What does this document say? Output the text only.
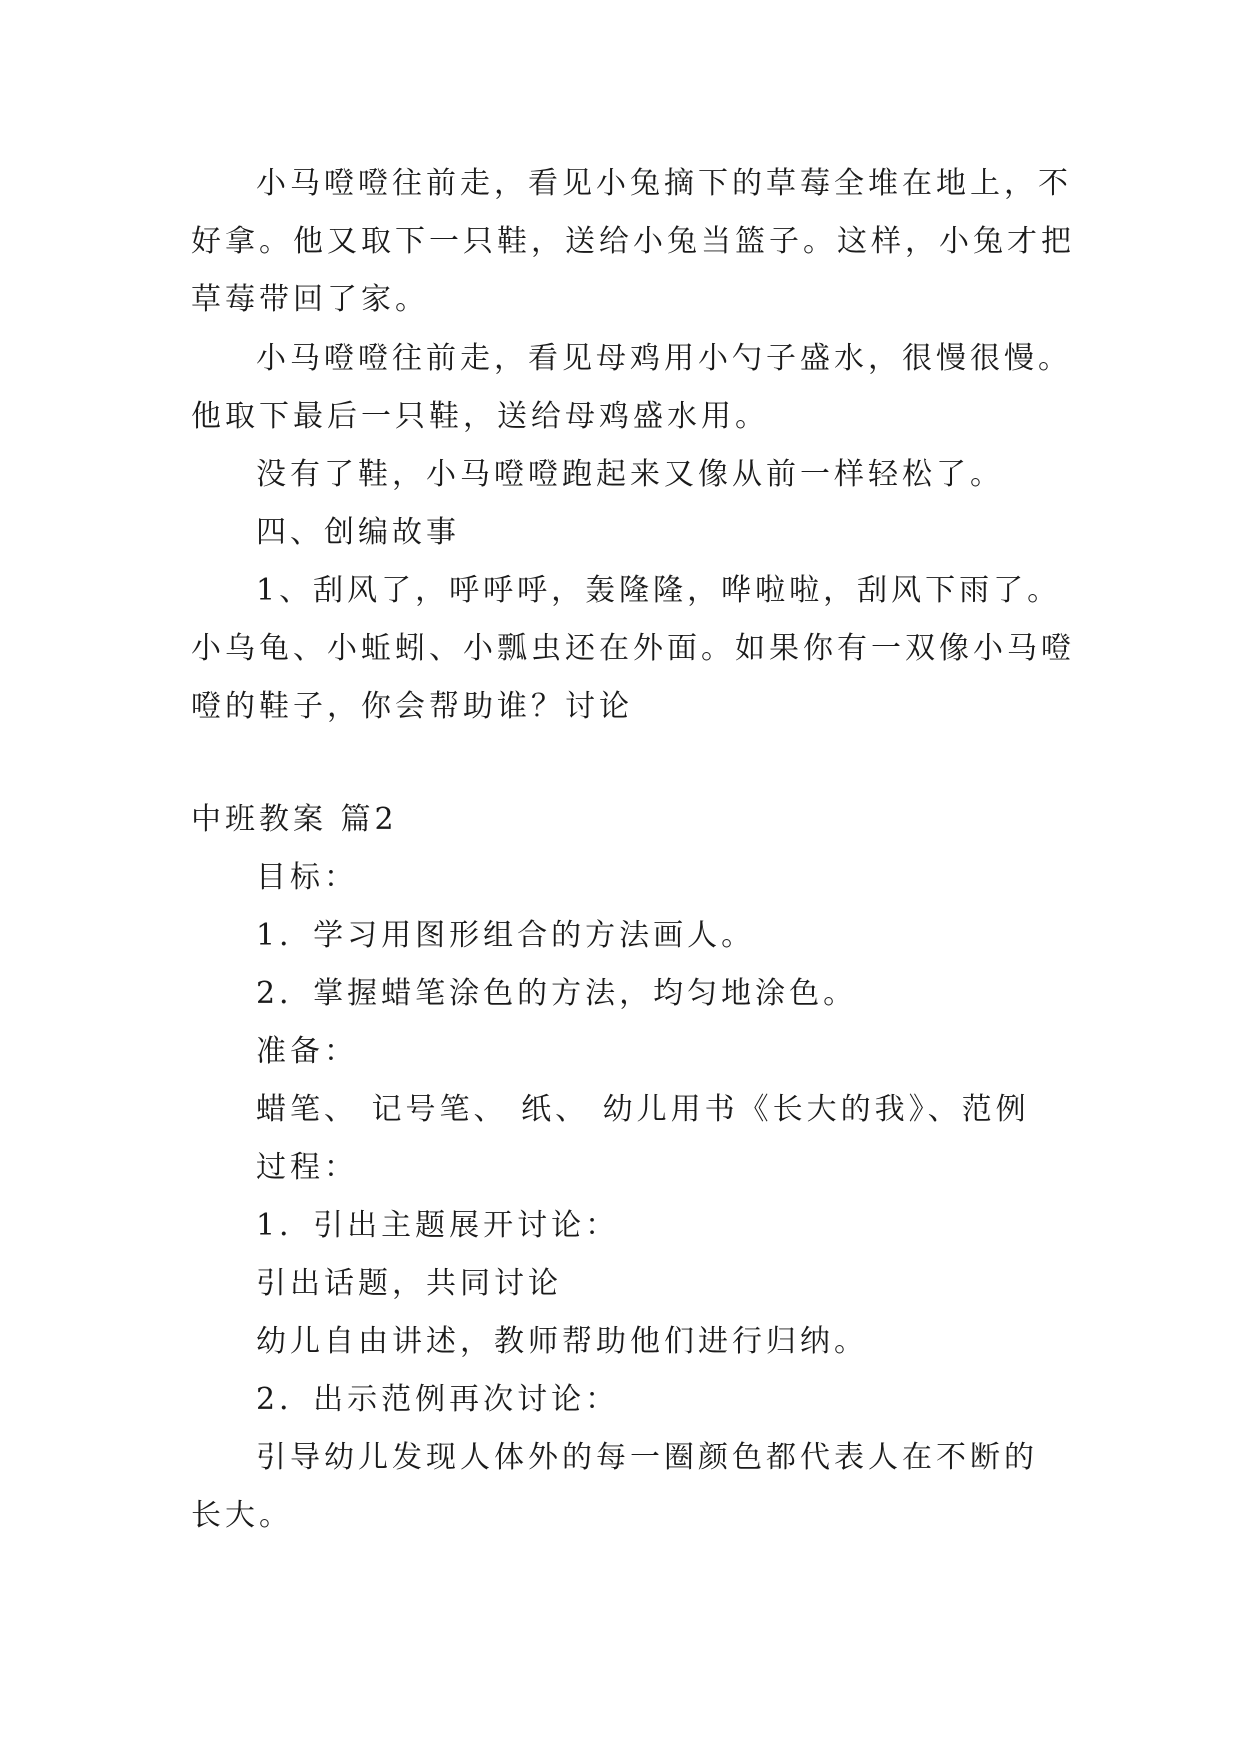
小马噔噔往前走，看见小兔摘下的草莓全堆在地上，不
好拿。他又取下一只鞋，送给小兔当篮子。这样，小兔才把
草莓带回了家。
小马噔噔往前走，看见母鸡用小勺子盛水，很慢很慢。
他取下最后一只鞋，送给母鸡盛水用。
没有了鞋，小马噔噔跑起来又像从前一样轻松了。
四、创编故事
1、刮风了，呼呼呼，轰隆隆，哗啦啦，刮风下雨了。
小乌龟、小蚯蚓、小瓢虫还在外面。如果你有一双像小马噔
噔的鞋子，你会帮助谁？讨论
中班教案 篇2
目标：
1．学习用图形组合的方法画人。
2．掌握蜡笔涂色的方法，均匀地涂色。
准备：
蜡笔、 记号笔、 纸、 幼儿用书《长大的我》、范例
过程：
1．引出主题展开讨论：
引出话题，共同讨论
幼儿自由讲述，教师帮助他们进行归纳。
2．出示范例再次讨论：
引导幼儿发现人体外的每一圈颜色都代表人在不断的
长大。
